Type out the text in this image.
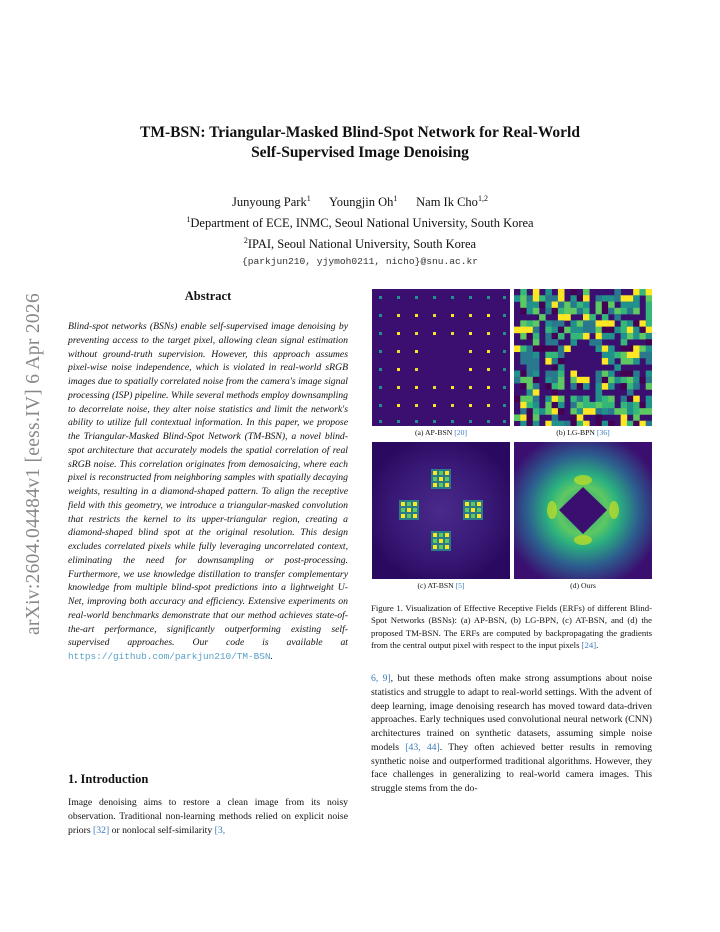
arXiv:2604.04484v1 [eess.IV] 6 Apr 2026
TM-BSN: Triangular-Masked Blind-Spot Network for Real-World
Self-Supervised Image Denoising
Junyoung Park$^1$ Youngjin Oh$^1$ Nam Ik Cho$^{1,2}$
$^1$Department of ECE, INMC, Seoul National University, South Korea
$^2$IPAI, Seoul National University, South Korea
{parkjun210, yjymoh0211, nicho}@snu.ac.kr
Abstract
Blind-spot networks (BSNs) enable self-supervised image denoising by preventing access to the target pixel, allowing clean signal estimation without ground-truth supervision. However, this approach assumes pixel-wise noise independence, which is violated in real-world sRGB images due to spatially correlated noise from the camera's image signal processing (ISP) pipeline. While several methods employ downsampling to decorrelate noise, they alter noise statistics and limit the network's ability to utilize full contextual information. In this paper, we propose the Triangular-Masked Blind-Spot Network (TM-BSN), a novel blind-spot architecture that accurately models the spatial correlation of real sRGB noise. This correlation originates from demosaicing, where each pixel is reconstructed from neighboring samples with spatially decaying weights, resulting in a diamond-shaped pattern. To align the receptive field with this geometry, we introduce a triangular-masked convolution that restricts the kernel to its upper-triangular region, creating a diamond-shaped blind spot at the original resolution. This design excludes correlated pixels while fully leveraging uncorrelated context, eliminating the need for downsampling or post-processing. Furthermore, we use knowledge distillation to transfer complementary knowledge from multiple blind-spot predictions into a lightweight U-Net, improving both accuracy and efficiency. Extensive experiments on real-world benchmarks demonstrate that our method achieves state-of-the-art performance, significantly outperforming existing self-supervised approaches. Our code is available at https://github.com/parkjun210/TM-BSN.
1. Introduction
Image denoising aims to restore a clean image from its noisy observation. Traditional non-learning methods relied on explicit noise priors [32] or nonlocal self-similarity [3,
(a) AP-BSN [20]	(b) LG-BPN [36]
(c) AT-BSN [5]	(d) Ours
Figure 1. Visualization of Effective Receptive Fields (ERFs) of different Blind-Spot Networks (BSNs): (a) AP-BSN, (b) LG-BPN, (c) AT-BSN, and (d) the proposed TM-BSN. The ERFs are computed by backpropagating the gradients from the central output pixel with respect to the input pixels [24].
6, 9], but these methods often make strong assumptions about noise statistics and struggle to adapt to real-world settings. With the advent of deep learning, image denoising research has moved toward data-driven approaches. Early techniques used convolutional neural network (CNN) architectures trained on synthetic datasets, assuming simple noise models [43, 44]. They often achieved better results in removing synthetic noise and outperformed traditional algorithms. However, they face challenges in generalizing to real-world camera images. This struggle stems from the do-
